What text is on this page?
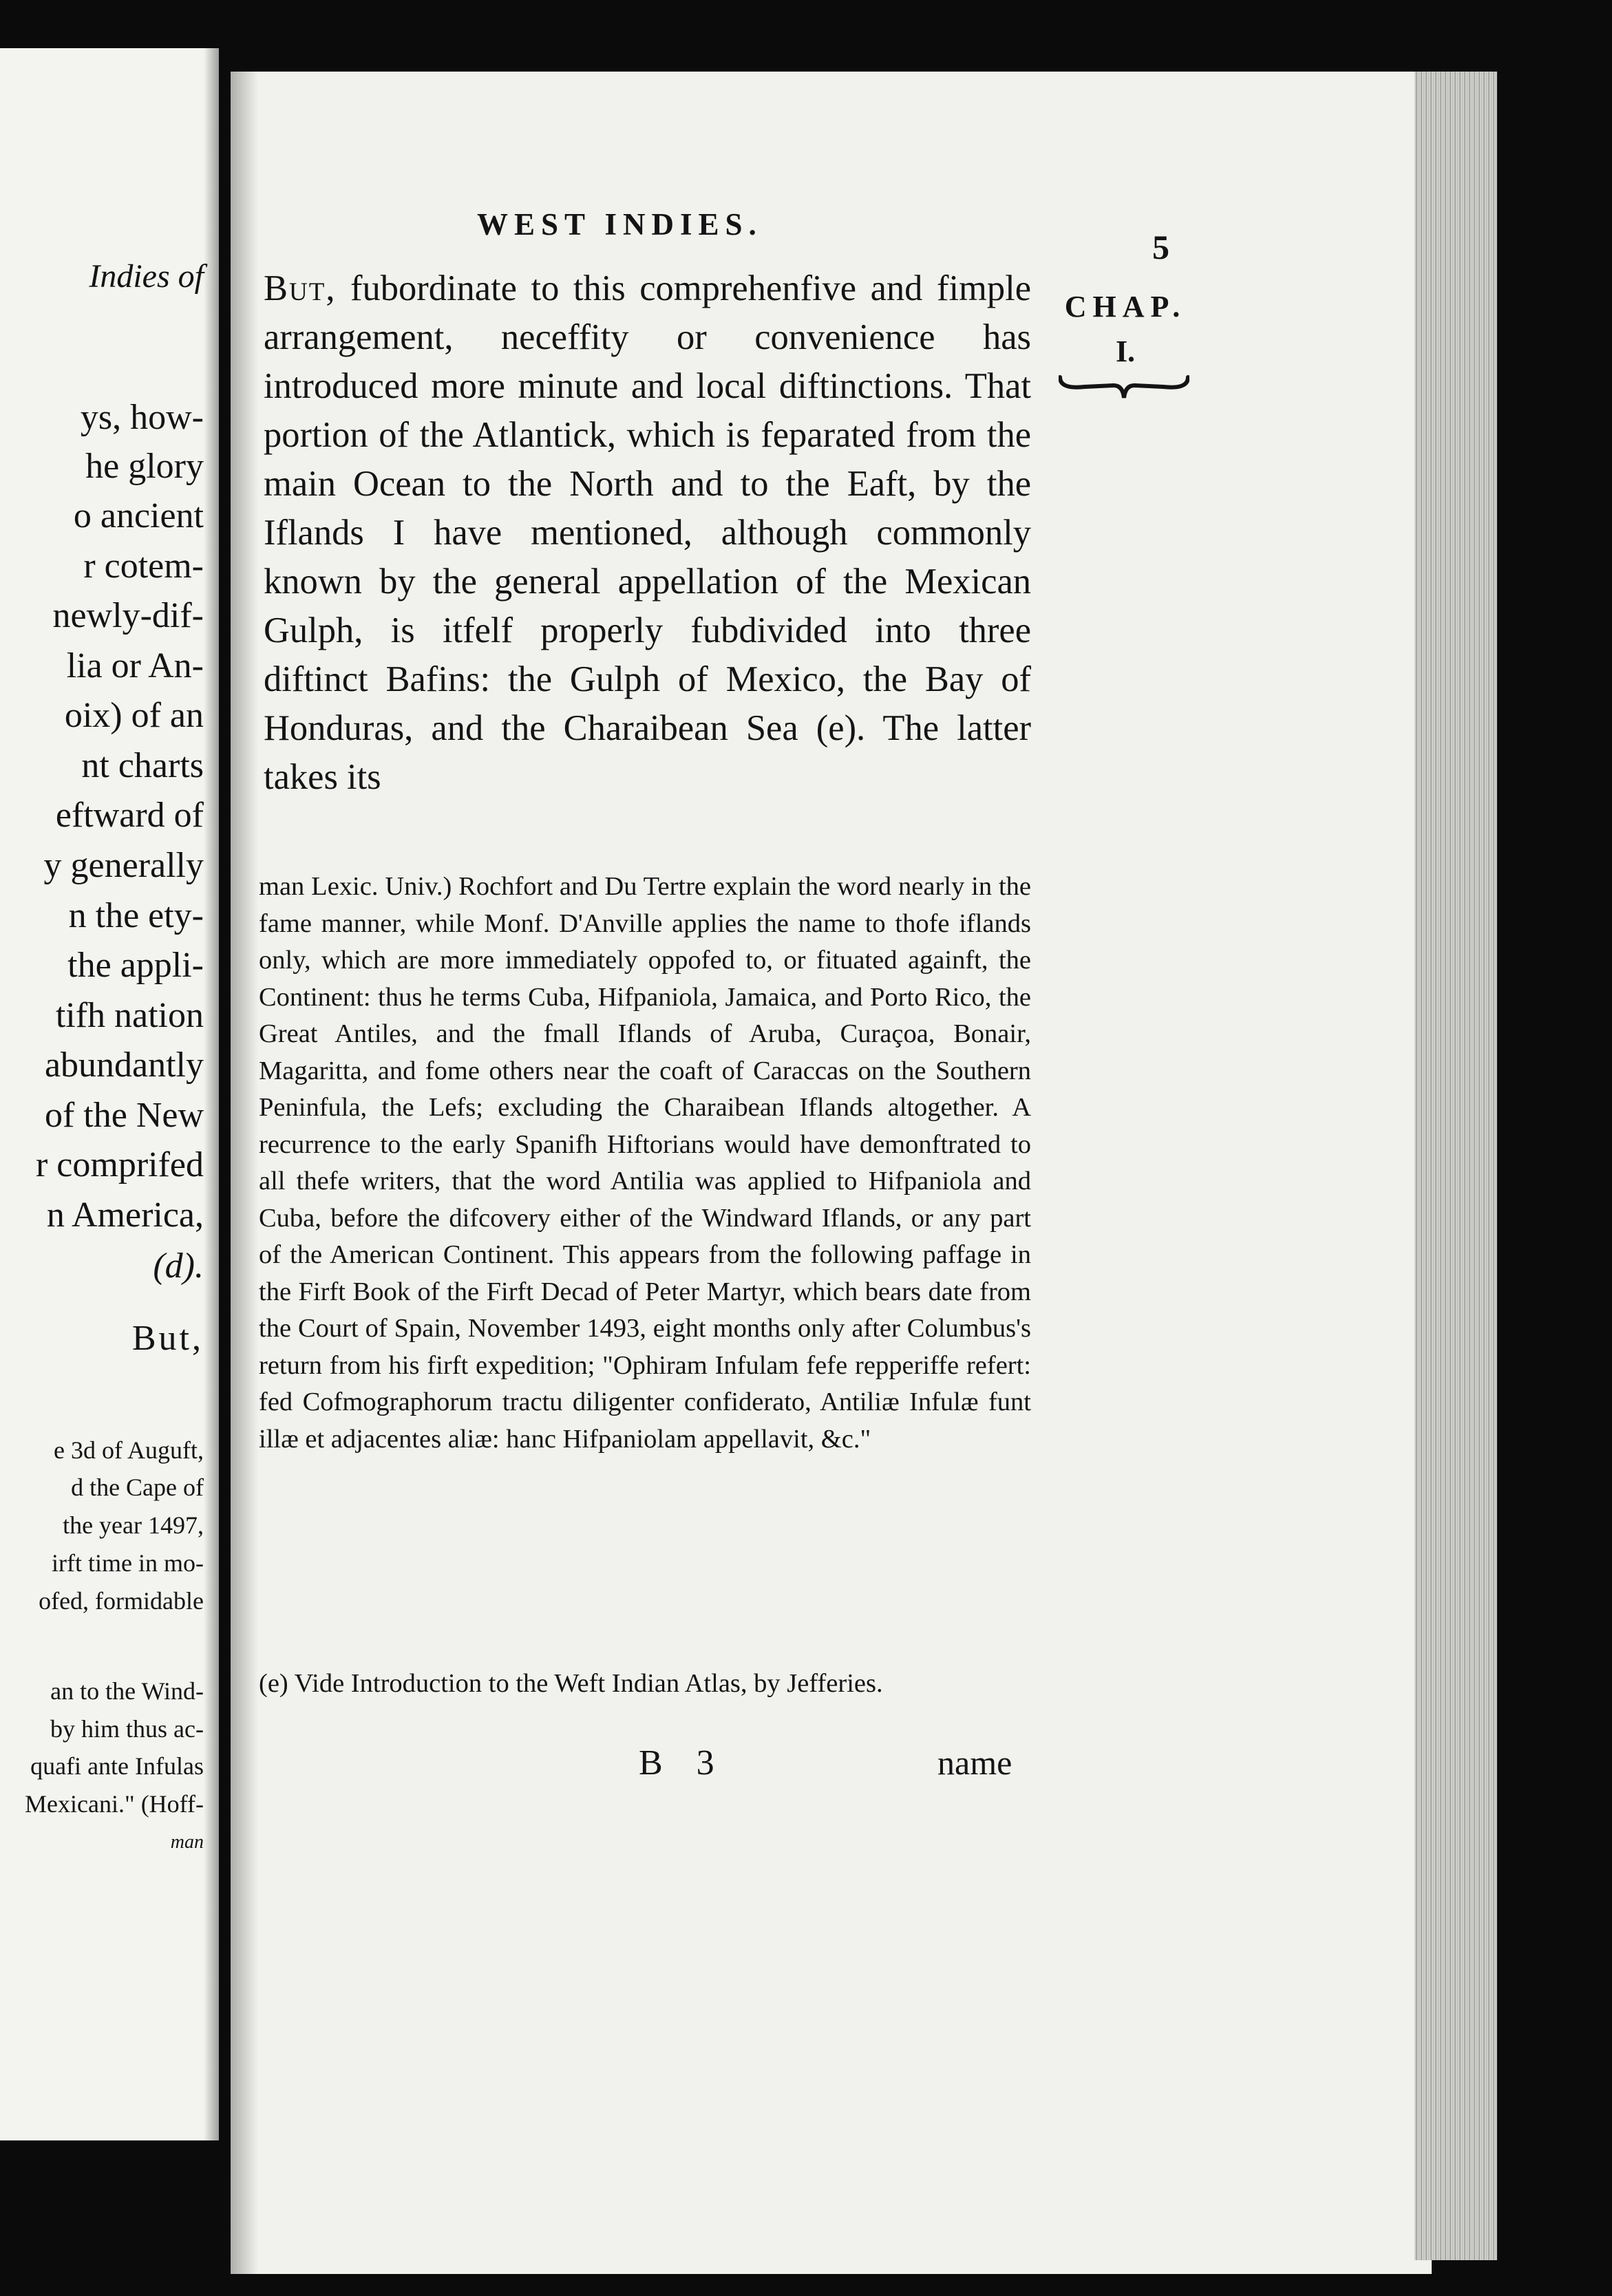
Indies of
ys, how-
he glory
o ancient
r cotem-
newly-dif-
lia or An-
oix) of an
nt charts
eftward of
y generally
n the ety-
the appli-
tifh nation
abundantly
of the New
r comprifed
n America,
(d).
But,
e 3d of Auguft,
d the Cape of
the year 1497,
irft time in mo-
ofed, formidable
an to the Wind-
by him thus ac-
quafi ante Infulas
Mexicani." (Hoff-
man
WEST INDIES.
5
CHAP.
I.

But, fubordinate to this comprehenfive and fimple arrangement, neceffity or convenience has introduced more minute and local diftinctions. That portion of the Atlantick, which is feparated from the main Ocean to the North and to the Eaft, by the Iflands I have mentioned, although commonly known by the general appellation of the Mexican Gulph, is itfelf properly fubdivided into three diftinct Bafins: the Gulph of Mexico, the Bay of Honduras, and the Charaibean Sea (e). The latter takes its

man Lexic. Univ.) Rochfort and Du Tertre explain the word nearly in the fame manner, while Monf. D'Anville applies the name to thofe iflands only, which are more immediately oppofed to, or fituated againft, the Continent: thus he terms Cuba, Hifpaniola, Jamaica, and Porto Rico, the Great Antiles, and the fmall Iflands of Aruba, Curaçoa, Bonair, Magaritta, and fome others near the coaft of Caraccas on the Southern Peninfula, the Lefs; excluding the Charaibean Iflands altogether. A recurrence to the early Spanifh Hiftorians would have demonftrated to all thefe writers, that the word Antilia was applied to Hifpaniola and Cuba, before the difcovery either of the Windward Iflands, or any part of the American Continent. This appears from the following paffage in the Firft Book of the Firft Decad of Peter Martyr, which bears date from the Court of Spain, November 1493, eight months only after Columbus's return from his firft expedition; "Ophiram Infulam fefe repperiffe refert: fed Cofmographorum tractu diligenter confiderato, Antiliæ Infulæ funt illæ et adjacentes aliæ: hanc Hifpaniolam appellavit, &c."

(e) Vide Introduction to the Weft Indian Atlas, by Jefferies.

B 3	name
